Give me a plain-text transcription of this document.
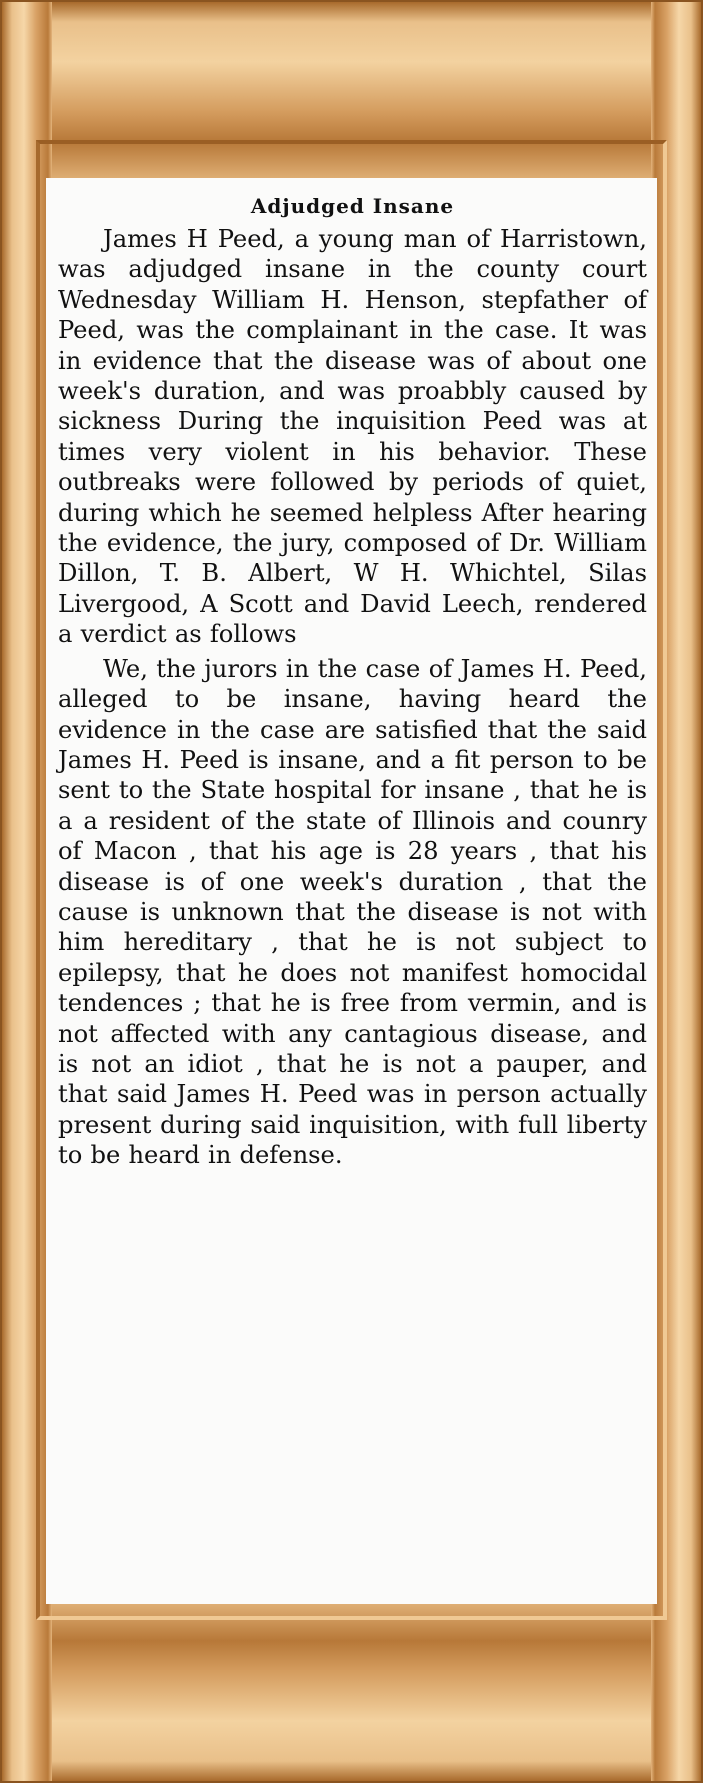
Adjudged Insane

James H Peed, a young man of Harristown, was adjudged insane in the county court Wednesday William H. Henson, stepfather of Peed, was the complainant in the case. It was in evidence that the disease was of about one week's duration, and was proabbly caused by sickness During the inquisition Peed was at times very violent in his behavior. These outbreaks were followed by periods of quiet, during which he seemed helpless After hearing the evidence, the jury, composed of Dr. William Dillon, T. B. Albert, W H. Whichtel, Silas Livergood, A Scott and David Leech, rendered a verdict as follows

We, the jurors in the case of James H. Peed, alleged to be insane, having heard the evidence in the case are satisfied that the said James H. Peed is insane, and a fit person to be sent to the State hospital for insane , that he is a a resident of the state of Illinois and counry of Macon , that his age is 28 years , that his disease is of one week's duration , that the cause is unknown that the disease is not with him hereditary , that he is not subject to epilepsy, that he does not manifest homocidal tendences ; that he is free from vermin, and is not affected with any cantagious disease, and is not an idiot , that he is not a pauper, and that said James H. Peed was in person actually present during said inquisition, with full liberty to be heard in defense.
